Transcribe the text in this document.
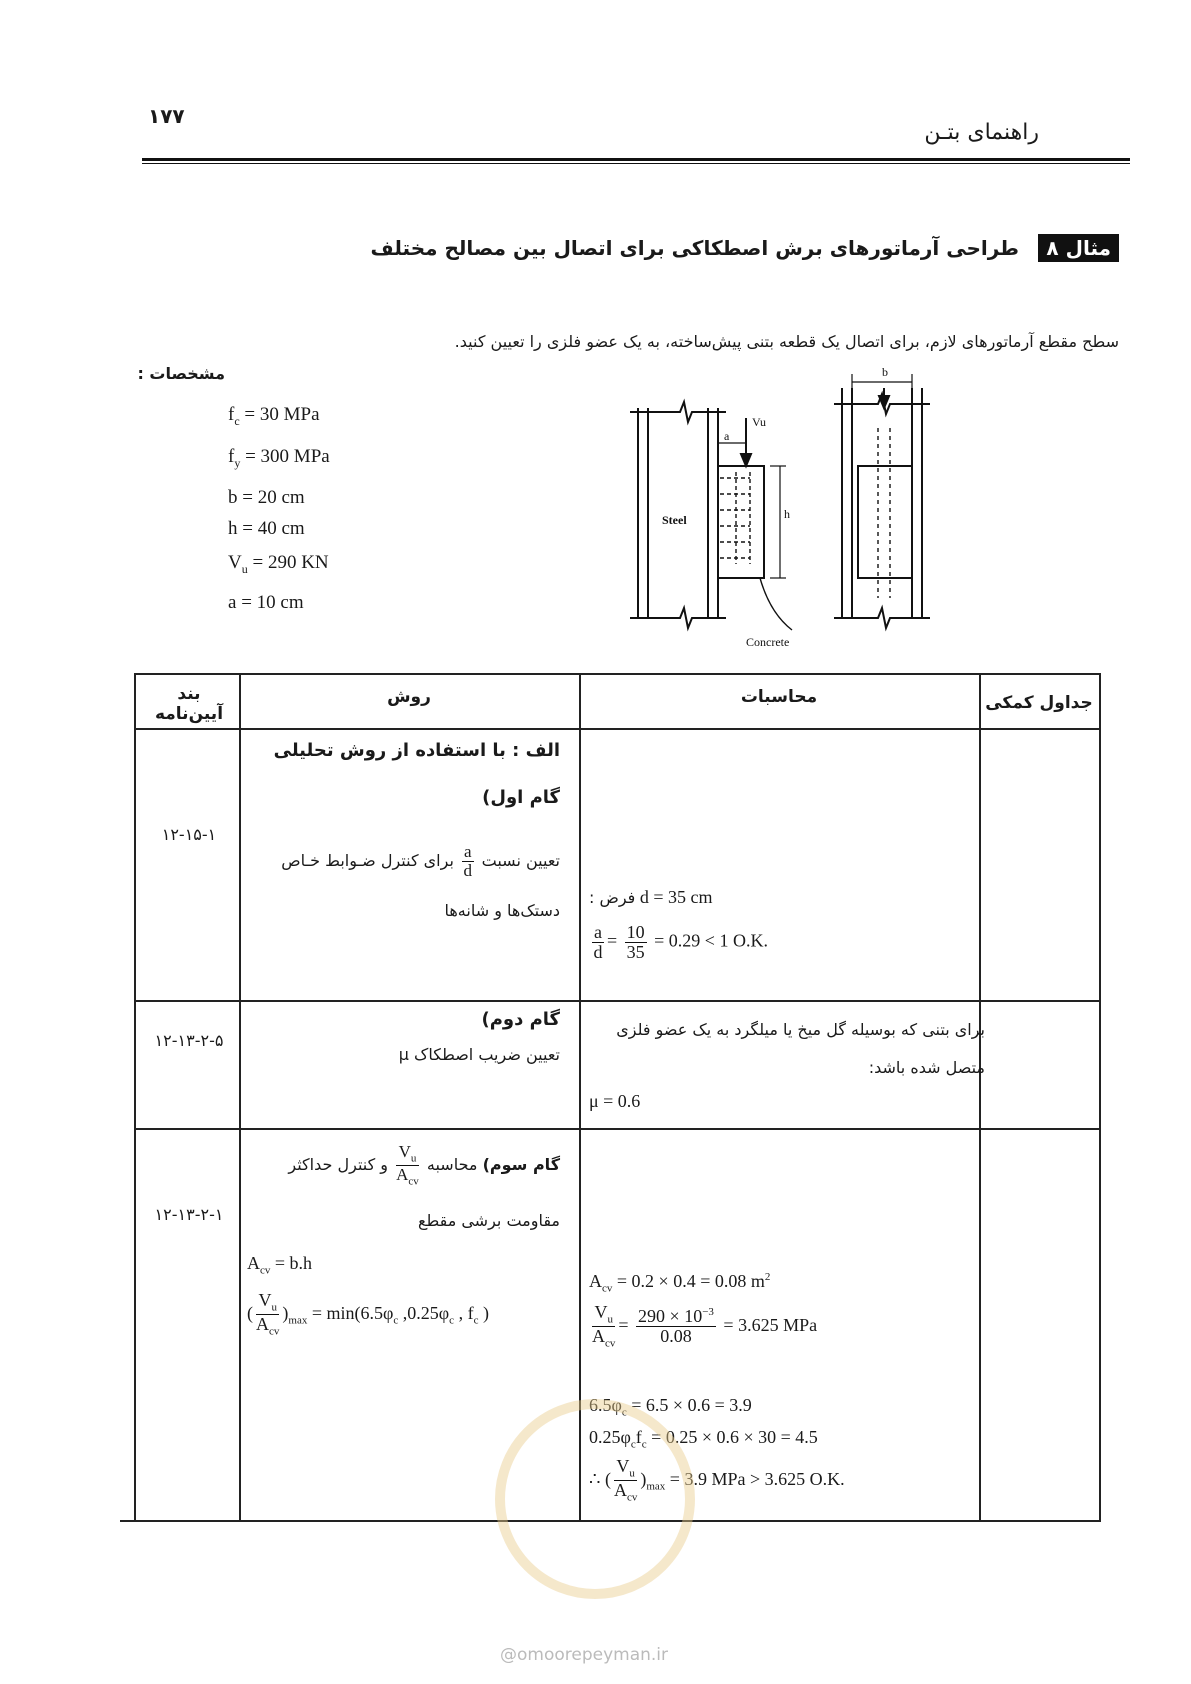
راهنمای بتـن
۱۷۷
مثال ۸
طراحی آرماتورهای برش اصطکاکی برای اتصال بین مصالح مختلف
سطح مقطع آرماتورهای لازم، برای اتصال یک قطعه بتنی پیش‌ساخته، به یک عضو فلزی را تعیین کنید.
مشخصات :
$f_c = 30$ MPa
$f_y = 300$ MPa
b = 20 cm
h = 40 cm
$V_u = 290$ KN
a = 10 cm
Vu
a
h
b
Steel
Concrete
بند آیین‌نامه
روش	محاسبات	جداول کمکی
۱۲-۱۵-۱
الف : با استفاده از روش تحلیلی
گام اول)
تعیین نسبت
$\frac{a}{d}$
برای کنترل ضـوابط خـاص
دستک‌ها و شانه‌ها
: فرض d = 35 cm
$\frac{a}{d} = \frac{10}{35} = 0.29 < 1$ O.K.
۱۲-۱۳-۲-۵
گام دوم)
تعیین ضریب اصطکاک μ
برای بتنی که بوسیله گل میخ یا میلگرد به یک عضو فلزی متصل شده باشد:
μ = 0.6
۱۲-۱۳-۲-۱
گام سوم) محاسبه
$\frac{V_u}{A_{cv}}$
و کنترل حداکثر
مقاومت برشی مقطع
$A_{cv} = b.h$
( $\frac{V_u}{A_{cv}} )_{max} = \min(6.5\varphi_c$ $,0.25\varphi_c$ , $f_c$ )
$A_{cv} = 0.2 \times 0.4 = 0.08$ $m^2$
$\frac{V_u}{A_{cv}} = \frac{290 \times 10^{-3}}{0.08} = 3.625$ MPa
$6.5\varphi_c = 6.5 \times 0.6 = 3.9$
$0.25\varphi_cf_c = 0.25 \times 0.6 \times 30 = 4.5$
∴ ( $\frac{V_u}{A_{cv}} )_{max} = 3.9$ MPa > 3.625 O.K.
@omoorepeyman.ir
